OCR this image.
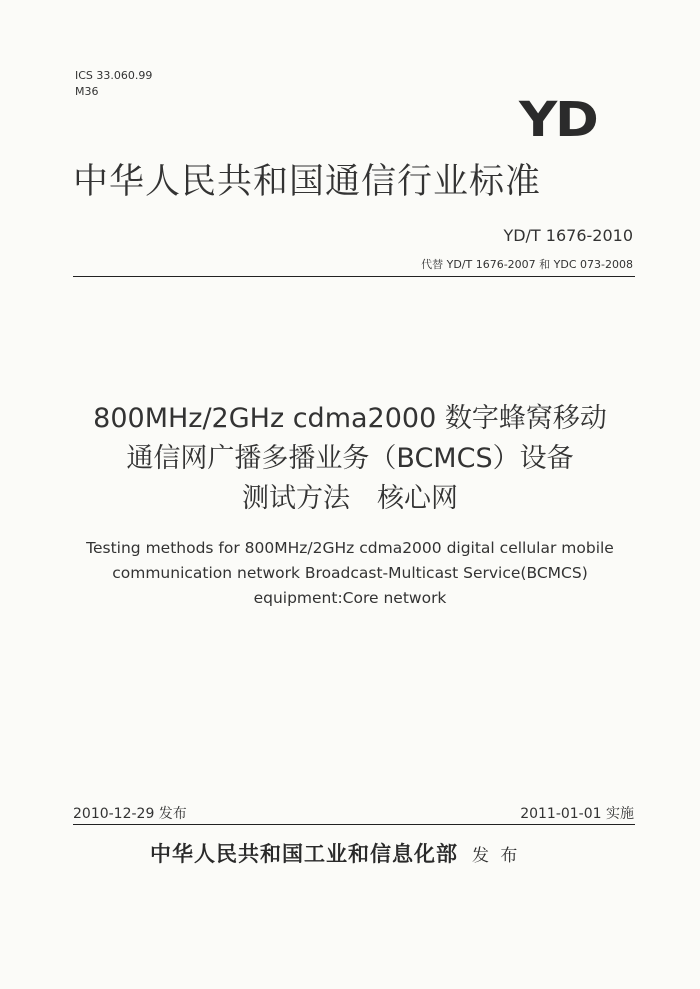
ICS 33.060.99
M36
YD
中华人民共和国通信行业标准
YD/T 1676-2010
代替 YD/T 1676-2007 和 YDC 073-2008
800MHz/2GHz cdma2000 数字蜂窝移动
通信网广播多播业务（BCMCS）设备
测试方法　核心网
Testing methods for 800MHz/2GHz cdma2000 digital cellular mobile
communication network Broadcast-Multicast Service(BCMCS)
equipment:Core network
2010-12-29 发布	2011-01-01 实施
中华人民共和国工业和信息化部 发 布
